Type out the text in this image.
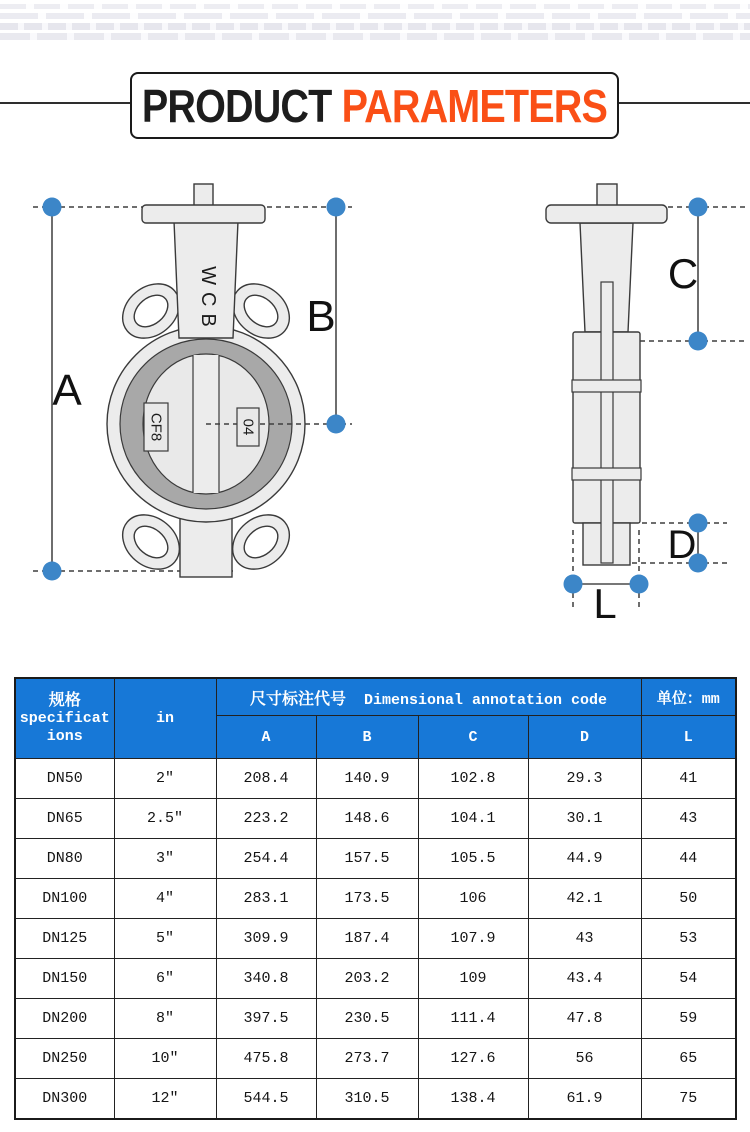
PRODUCT PARAMETERS
WCB
CF8	04
A
B
C
D
L
规格
specifications	in	尺寸标注代号 Dimensional annotation code				单位：mm
		A	B	C	D	L
DN50	2″	208.4	140.9	102.8	29.3	41
DN65	2.5″	223.2	148.6	104.1	30.1	43
DN80	3″	254.4	157.5	105.5	44.9	44
DN100	4″	283.1	173.5	106	42.1	50
DN125	5″	309.9	187.4	107.9	43	53
DN150	6″	340.8	203.2	109	43.4	54
DN200	8″	397.5	230.5	111.4	47.8	59
DN250	10″	475.8	273.7	127.6	56	65
DN300	12″	544.5	310.5	138.4	61.9	75
